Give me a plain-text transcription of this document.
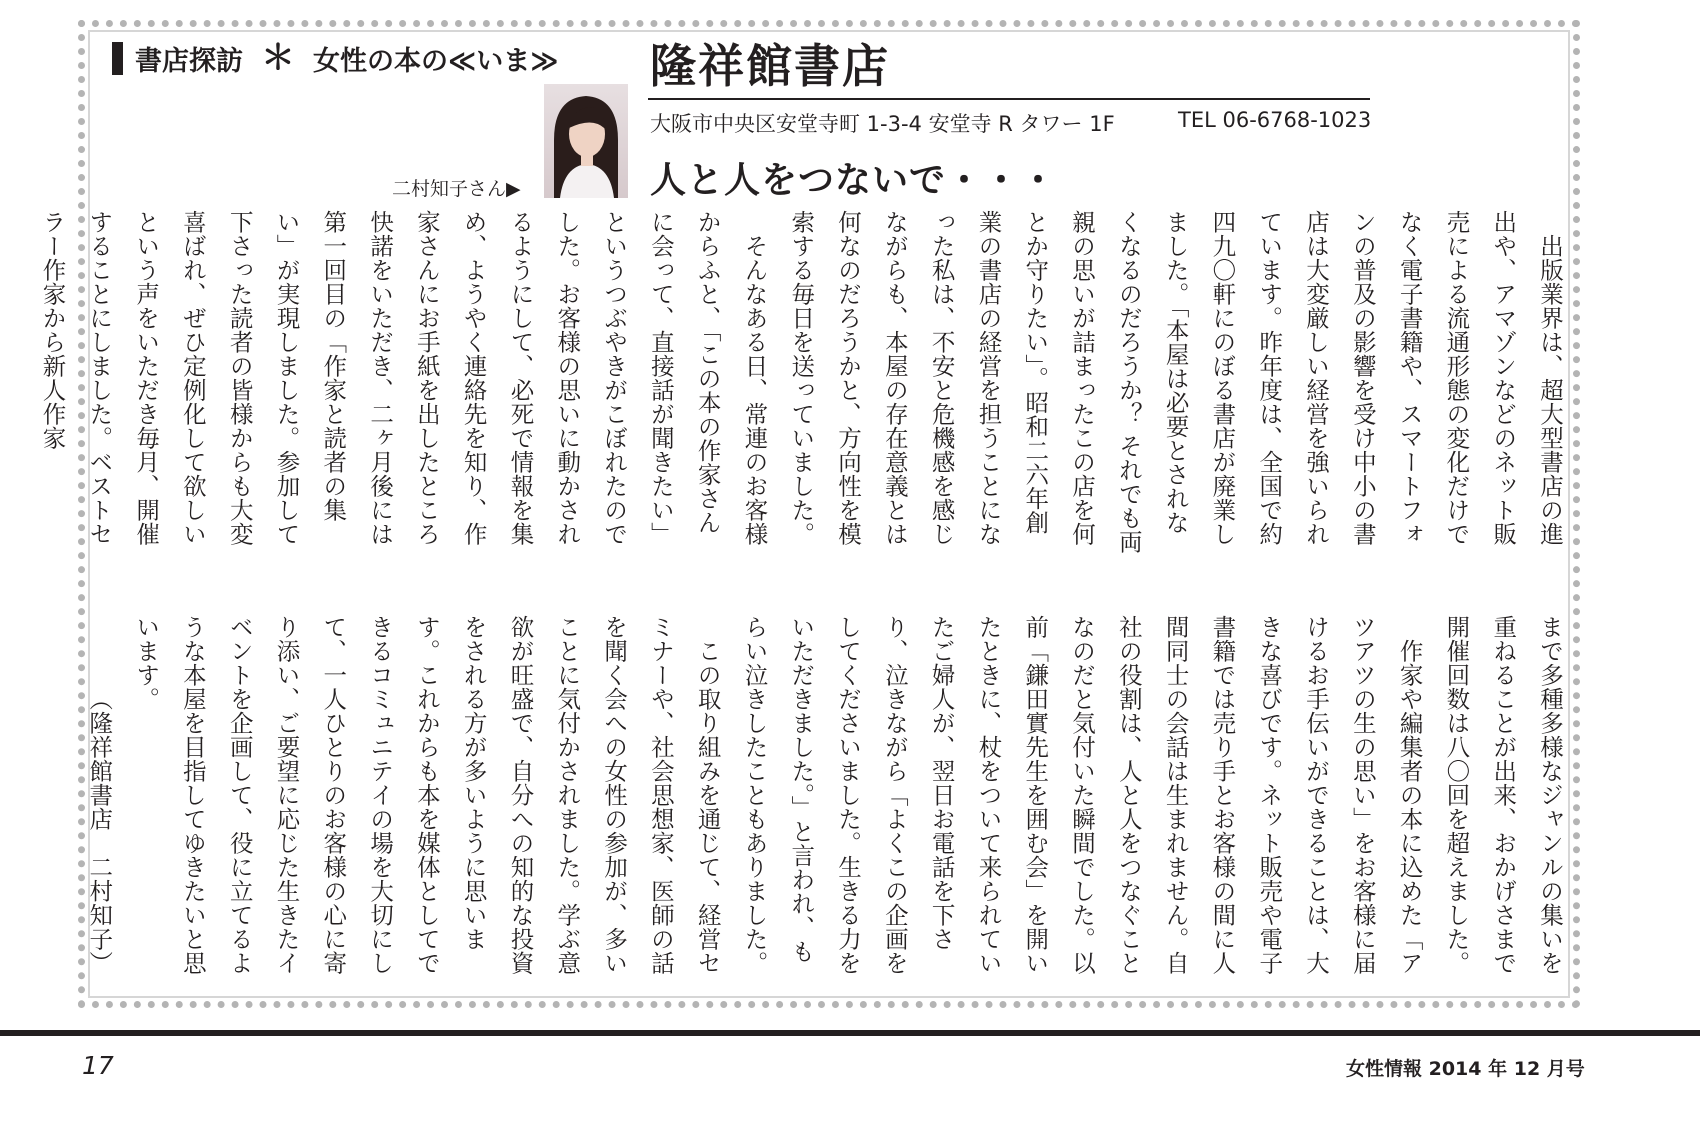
書店探訪 ＊ 女性の本の≪いま≫ 隆祥館書店
大阪市中央区安堂寺町 1-3-4 安堂寺 R タワー 1F	TEL 06-6768-1023
人と人をつないで・・・
二村知子さん▶

出版業界は、超大型書店の進出や、アマゾンなどのネット販売による流通形態の変化だけでなく電子書籍や、スマートフォンの普及の影響を受け中小の書店は大変厳しい経営を強いられています。昨年度は、全国で約四九〇軒にのぼる書店が廃業しました。「本屋は必要とされなくなるのだろうか？ それでも両親の思いが詰まったこの店を何とか守りたい」。昭和二六年創業の書店の経営を担うことになった私は、不安と危機感を感じながらも、本屋の存在意義とは何なのだろうかと、方向性を模索する毎日を送っていました。

そんなある日、常連のお客様からふと、「この本の作家さんに会って、直接話が聞きたい」というつぶやきがこぼれたのでした。お客様の思いに動かされるようにして、必死で情報を集め、ようやく連絡先を知り、作家さんにお手紙を出したところ快諾をいただき、二ヶ月後には第一回目の「作家と読者の集い」が実現しました。参加して下さった読者の皆様からも大変喜ばれ、ぜひ定例化して欲しいという声をいただき毎月、開催することにしました。ベストセラー作家から新人作家

まで多種多様なジャンルの集いを重ねることが出来、おかげさまで開催回数は八〇回を超えました。

作家や編集者の本に込めた「アツアツの生の思い」をお客様に届けるお手伝いができることは、大きな喜びです。ネット販売や電子書籍では売り手とお客様の間に人間同士の会話は生まれません。自社の役割は、人と人をつなぐことなのだと気付いた瞬間でした。以前「鎌田實先生を囲む会」を開いたときに、杖をついて来られていたご婦人が、翌日お電話を下さり、泣きながら「よくこの企画をしてくださいました。生きる力をいただきました。」と言われ、もらい泣きしたこともありました。

この取り組みを通じて、経営セミナーや、社会思想家、医師の話を聞く会への女性の参加が、多いことに気付かされました。学ぶ意欲が旺盛で、自分への知的な投資をされる方が多いように思います。これからも本を媒体としてできるコミュニテイの場を大切にして、一人ひとりのお客様の心に寄り添い、ご要望に応じた生きたイベントを企画して、役に立てるような本屋を目指してゆきたいと思います。

（隆祥館書店　二村知子）

17	女性情報 2014 年 12 月号
